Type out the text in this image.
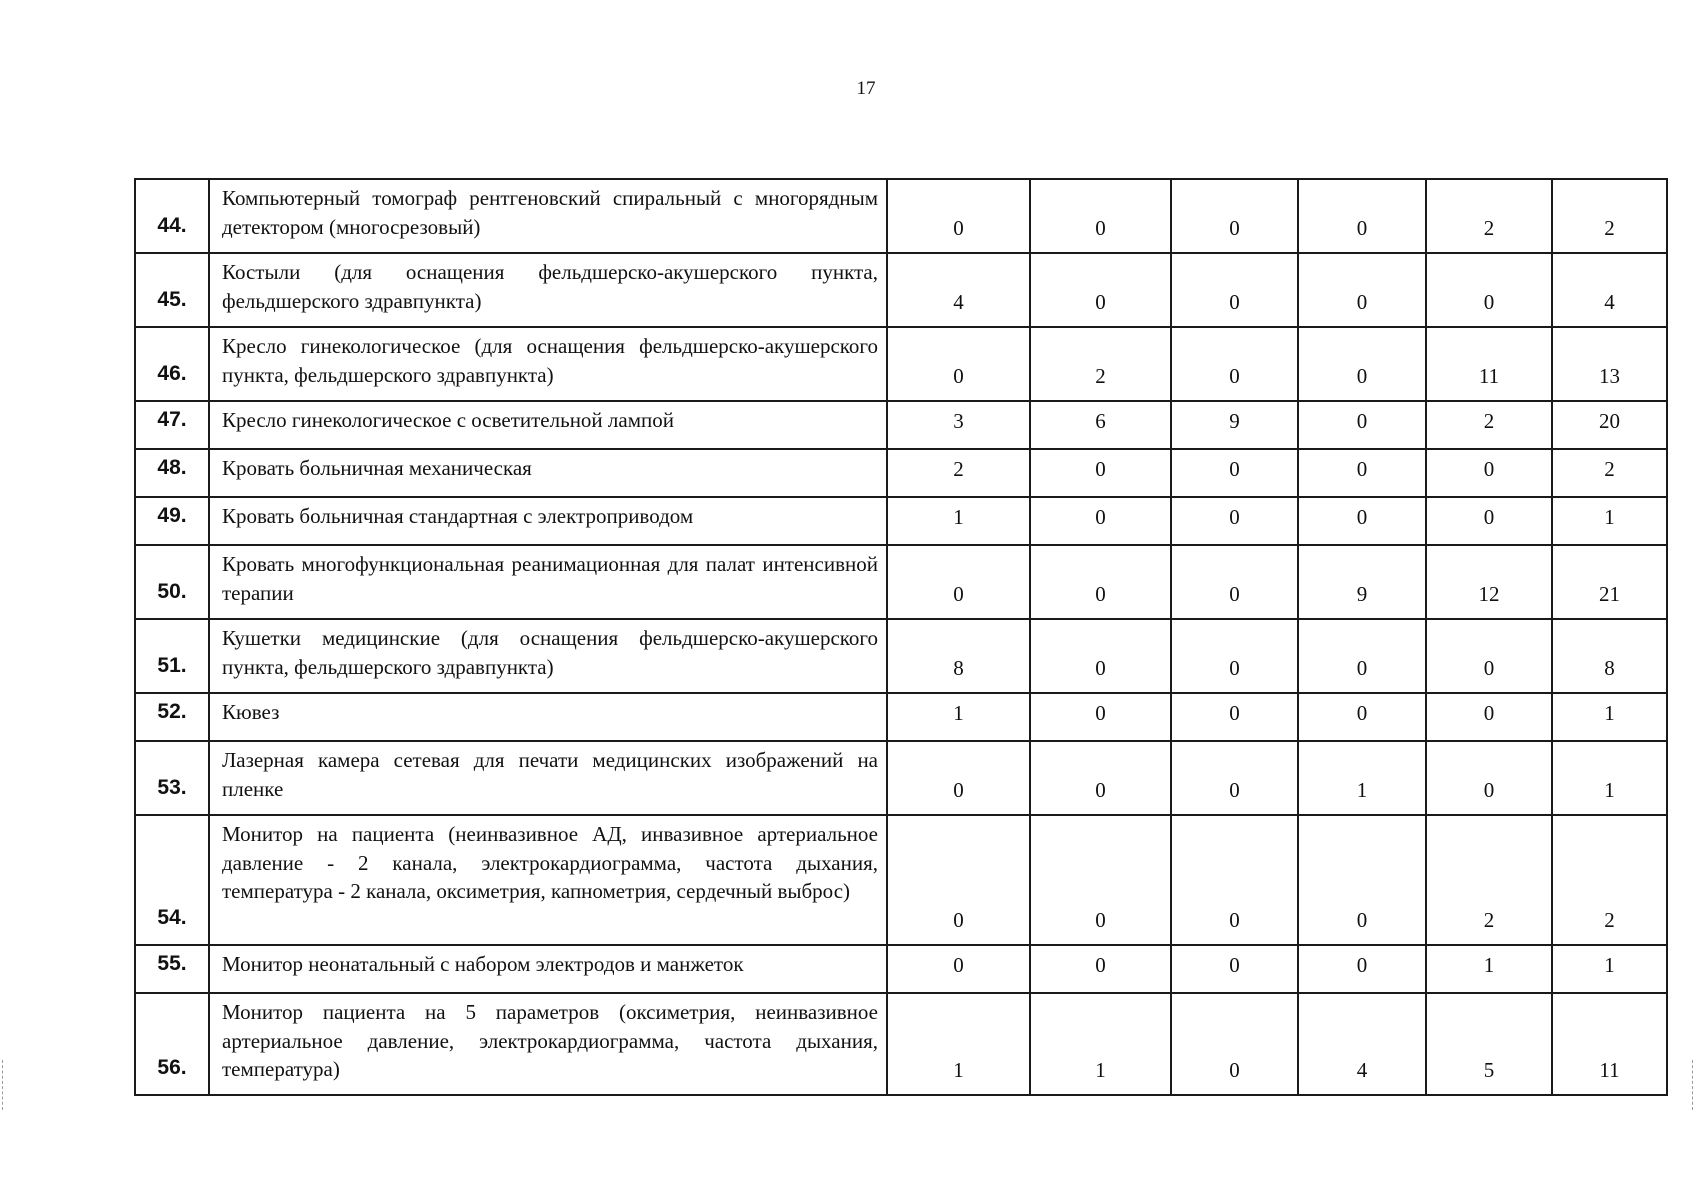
17
44.	Компьютерный томограф рентгеновский спиральный с многорядным детектором (многосрезовый)	0	0	0	0	2	2
45.	Костыли (для оснащения фельдшерско-акушерского пункта, фельдшерского здравпункта)	4	0	0	0	0	4
46.	Кресло гинекологическое (для оснащения фельдшерско-акушерского пункта, фельдшерского здравпункта)	0	2	0	0	11	13
47.	Кресло гинекологическое с осветительной лампой	3	6	9	0	2	20
48.	Кровать больничная механическая	2	0	0	0	0	2
49.	Кровать больничная стандартная с электроприводом	1	0	0	0	0	1
50.	Кровать многофункциональная реанимационная для палат интенсивной терапии	0	0	0	9	12	21
51.	Кушетки медицинские (для оснащения фельдшерско-акушерского пункта, фельдшерского здравпункта)	8	0	0	0	0	8
52.	Кювез	1	0	0	0	0	1
53.	Лазерная камера сетевая для печати медицинских изображений на пленке	0	0	0	1	0	1
54.	Монитор на пациента (неинвазивное АД, инвазивное артериальное давление - 2 канала, электрокардиограмма, частота дыхания, температура - 2 канала, оксиметрия, капнометрия, сердечный выброс)	0	0	0	0	2	2
55.	Монитор неонатальный с набором электродов и манжеток	0	0	0	0	1	1
56.	Монитор пациента на 5 параметров (оксиметрия, неинвазивное артериальное давление, электрокардиограмма, частота дыхания, температура)	1	1	0	4	5	11
